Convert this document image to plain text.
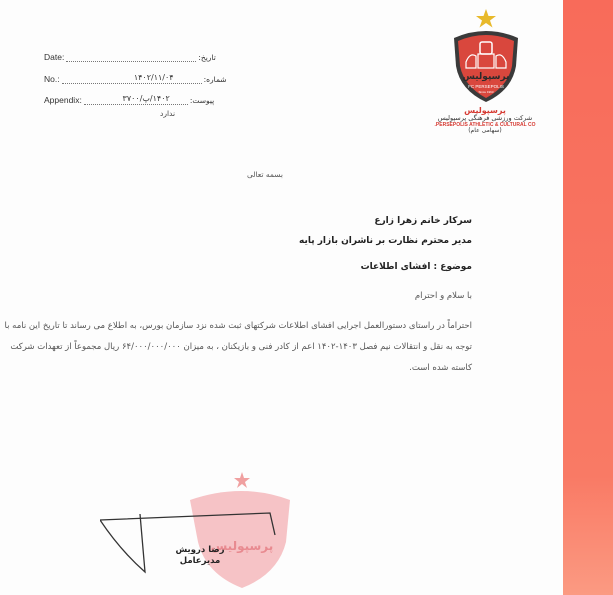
Date:	تاریخ:
No.:	۱۴۰۲/۱۱/۰۴	شماره:
Appendix:	۱۴۰۲/پ/۳۷۰۰	پیوست:
ندارد
پرسپولیس
FC PERSEPOLIS
Since 1963
پرسپولیس
شرکت ورزشی فرهنگی پرسپولیس
PERSEPOLIS ATHLETIC & CULTURAL CO.
(سهامی عام)
بسمه تعالی
سرکار خانم زهرا زارع
مدیر محترم نظارت بر ناشران بازار پایه
موضوع : افشای اطلاعات
با سلام و احترام
احتراماً در راستای دستورالعمل اجرایی افشای اطلاعات شرکتهای ثبت شده نزد سازمان بورس، به اطلاع می رساند تا تاریخ این نامه با توجه به نقل و انتقالات نیم فصل ۱۴۰۳-۱۴۰۲ اعم از کادر فنی و بازیکنان ، به میزان ۶۴/۰۰۰/۰۰۰/۰۰۰ ریال مجموعاً از تعهدات شرکت کاسته شده است.
پرسپولیس
رضا درویش
مدیرعامل
